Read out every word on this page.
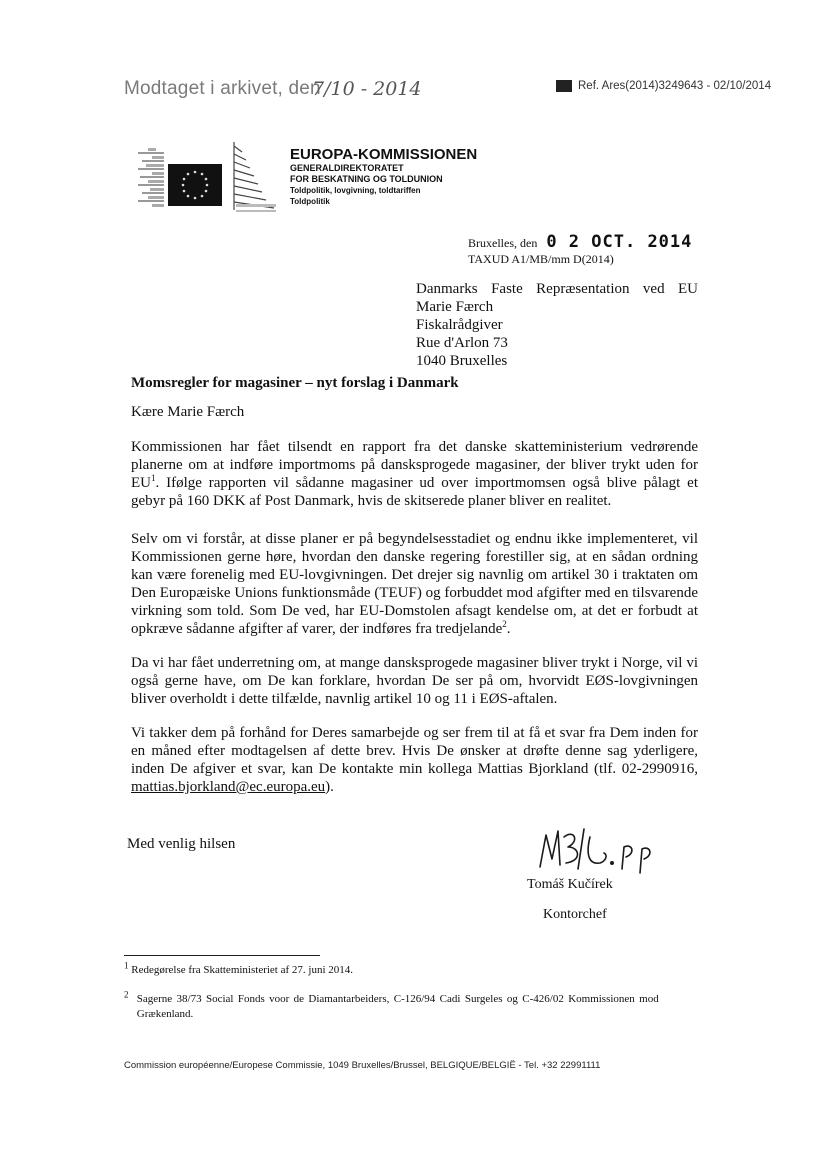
Modtaget i arkivet, den
7/10 - 2014	Ref. Ares(2014)3249643 - 02/10/2014
EUROPA-KOMMISSIONEN
GENERALDIREKTORATET
FOR BESKATNING OG TOLDUNION
Toldpolitik, lovgivning, toldtariffen
Toldpolitik
Bruxelles, den 0 2 OCT. 2014
TAXUD A1/MB/mm D(2014)
Danmarks Faste Repræsentation ved EU
Marie Færch
Fiskalrådgiver
Rue d'Arlon 73
1040 Bruxelles
Momsregler for magasiner – nyt forslag i Danmark
Kære Marie Færch
Kommissionen har fået tilsendt en rapport fra det danske skatteministerium vedrørende planerne om at indføre importmoms på dansksprogede magasiner, der bliver trykt uden for $EU^1$. Ifølge rapporten vil sådanne magasiner ud over importmomsen også blive pålagt et gebyr på 160 DKK af Post Danmark, hvis de skitserede planer bliver en realitet.
Selv om vi forstår, at disse planer er på begyndelsesstadiet og endnu ikke implementeret, vil Kommissionen gerne høre, hvordan den danske regering forestiller sig, at en sådan ordning kan være forenelig med EU-lovgivningen. Det drejer sig navnlig om artikel 30 i traktaten om Den Europæiske Unions funktionsmåde (TEUF) og forbuddet mod afgifter med en tilsvarende virkning som told. Som De ved, har EU-Domstolen afsagt kendelse om, at det er forbudt at opkræve sådanne afgifter af varer, der indføres fra tredjelande$^2$.
Da vi har fået underretning om, at mange dansksprogede magasiner bliver trykt i Norge, vil vi også gerne have, om De kan forklare, hvordan De ser på om, hvorvidt EØS-lovgivningen bliver overholdt i dette tilfælde, navnlig artikel 10 og 11 i EØS-aftalen.
Vi takker dem på forhånd for Deres samarbejde og ser frem til at få et svar fra Dem inden for en måned efter modtagelsen af dette brev. Hvis De ønsker at drøfte denne sag yderligere, inden De afgiver et svar, kan De kontakte min kollega Mattias Bjorkland (tlf. 02-2990916, mattias.bjorkland@ec.europa.eu).
Med venlig hilsen
Tomáš Kučírek
Kontorchef
$^1$ Redegørelse fra Skatteministeriet af 27. juni 2014.
$^2$ Sagerne 38/73 Social Fonds voor de Diamantarbeiders, C-126/94 Cadi Surgeles og C-426/02 Kommissionen mod Grækenland.
Commission européenne/Europese Commissie, 1049 Bruxelles/Brussel, BELGIQUE/BELGIË - Tel. +32 22991111
